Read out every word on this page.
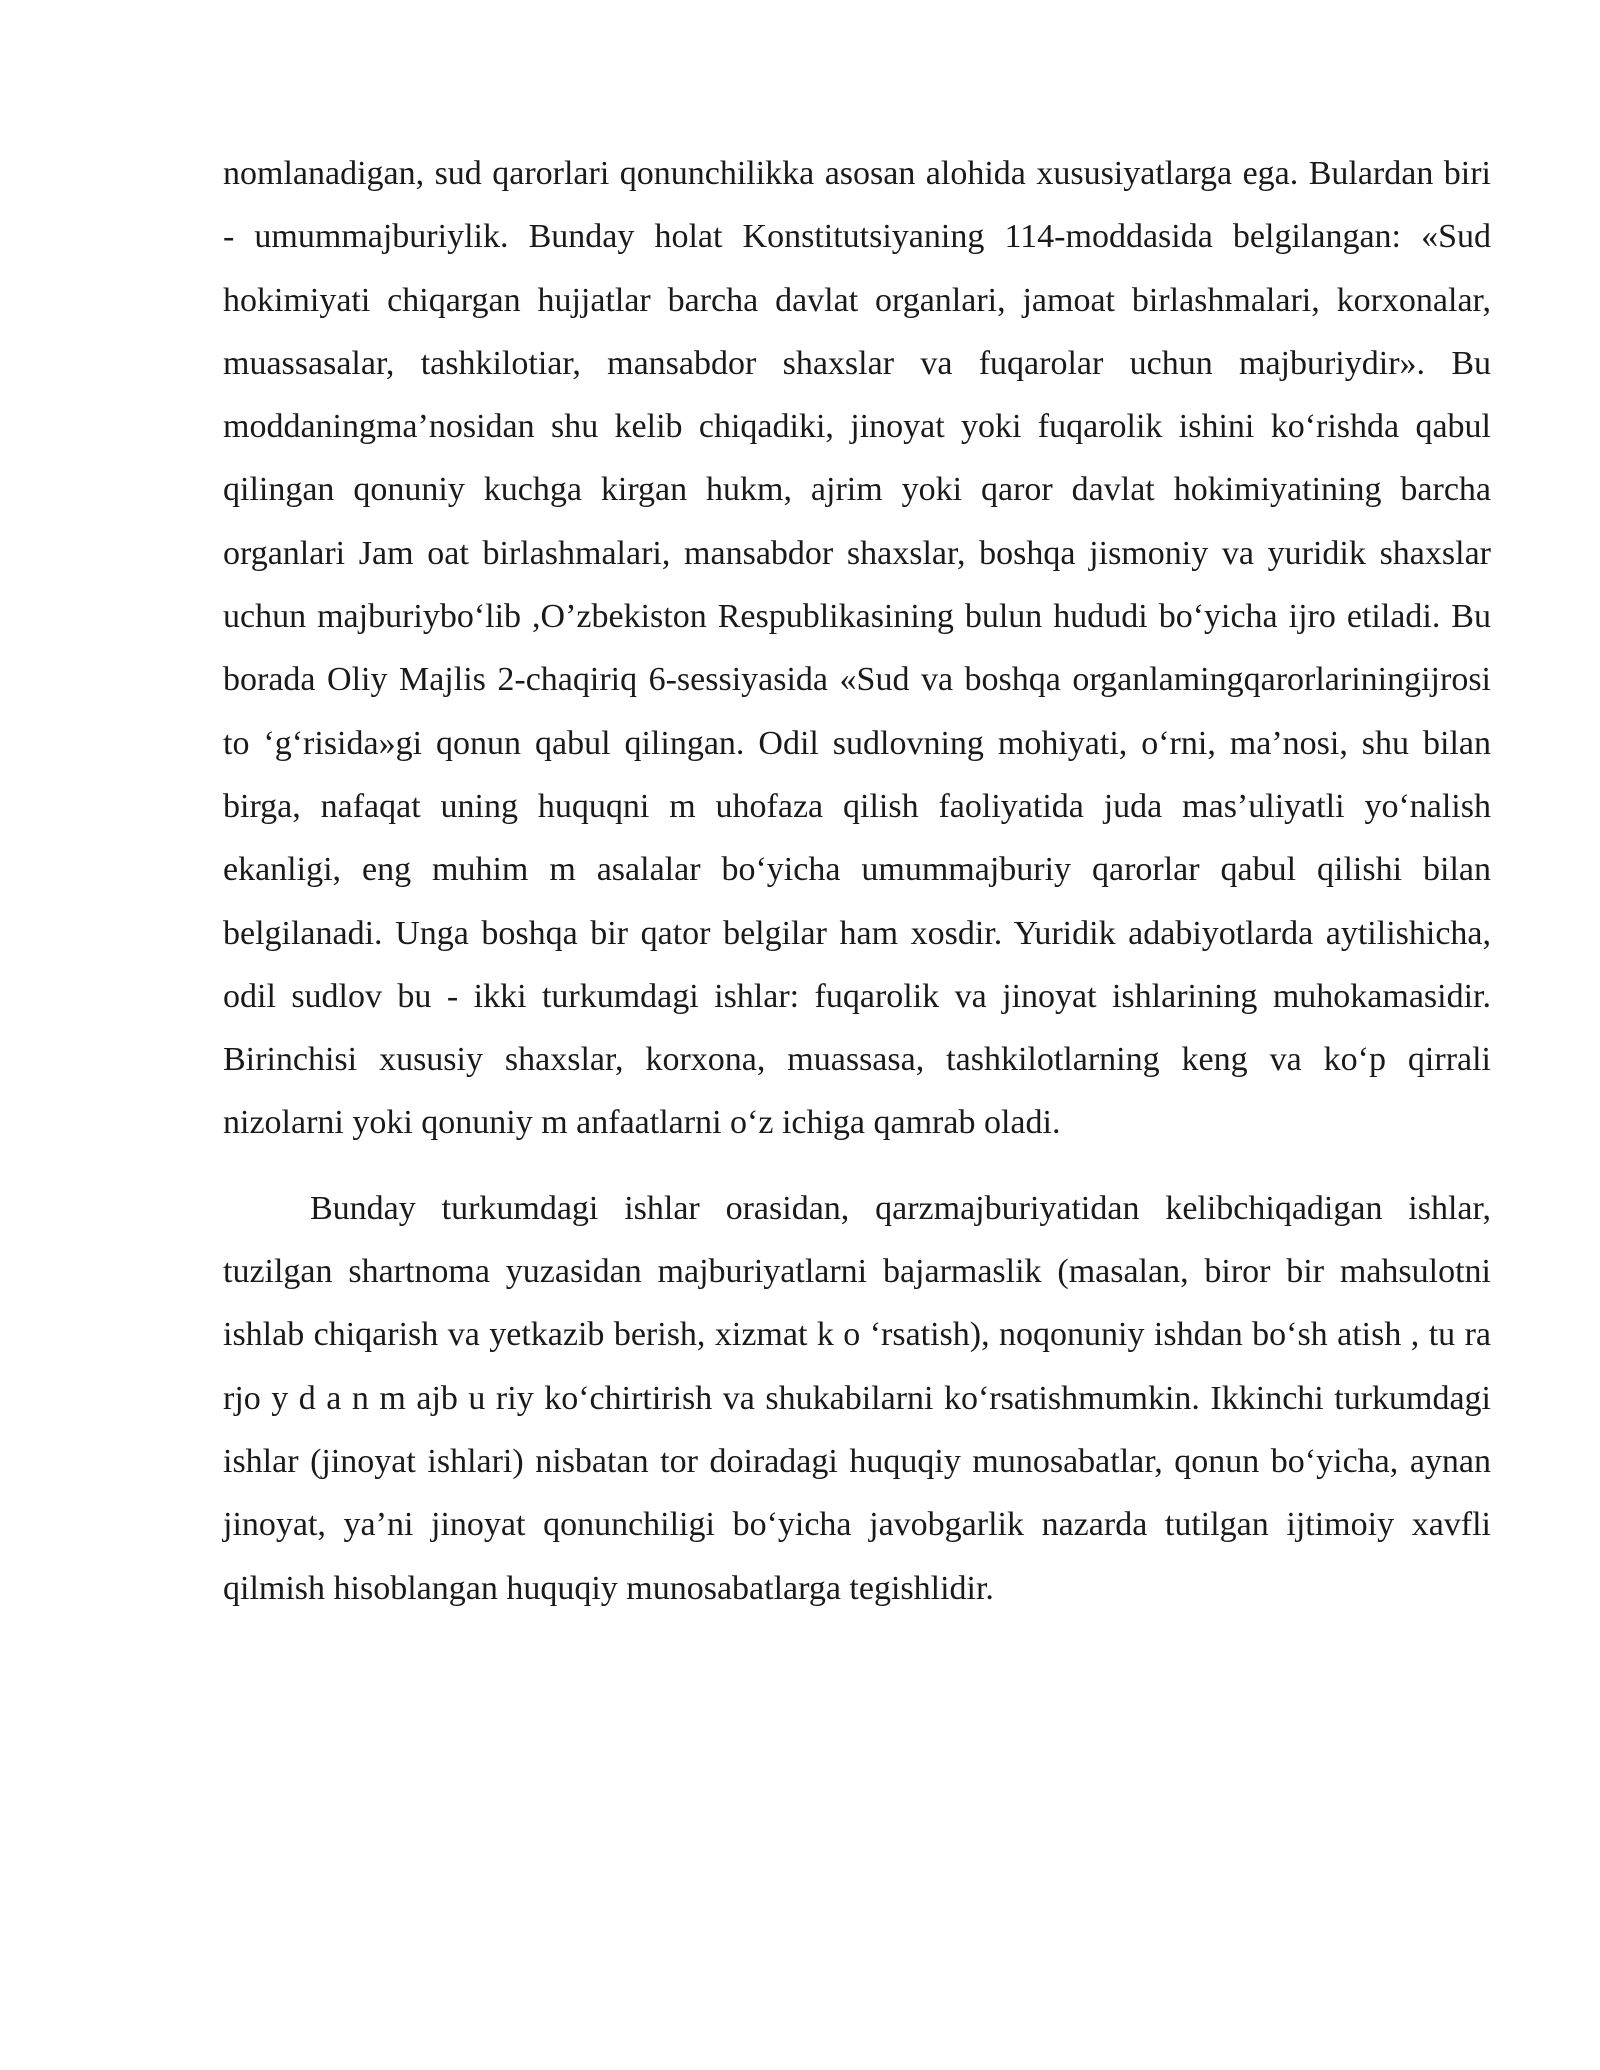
nomlanadigan, sud qarorlari qonunchilikka asosan alohida xususiyatlarga ega. Bulardan biri - umummajburiylik. Bunday holat Konstitutsiyaning 114-moddasida belgilangan: «Sud hokimiyati chiqargan hujjatlar barcha davlat organlari, jamoat birlashmalari, korxonalar, muassasalar, tashkilotiar, mansabdor shaxslar va fuqarolar uchun majburiydir». Bu moddaningma’nosidan shu kelib chiqadiki, jinoyat yoki fuqarolik ishini ko‘rishda qabul qilingan qonuniy kuchga kirgan hukm, ajrim yoki qaror davlat hokimiyatining barcha organlari Jam oat birlashmalari, mansabdor shaxslar, boshqa jismoniy va yuridik shaxslar uchun majburiybo‘lib ,O’zbekiston Respublikasining bulun hududi bo‘yicha ijro etiladi. Bu borada Oliy Majlis 2-chaqiriq 6-sessiyasida «Sud va boshqa organlamingqarorlariningijrosi to ‘g‘risida»gi qonun qabul qilingan. Odil sudlovning mohiyati, o‘rni, ma’nosi, shu bilan birga, nafaqat uning huquqni m uhofaza qilish faoliyatida juda mas’uliyatli yo‘nalish ekanligi, eng muhim m asalalar bo‘yicha umummajburiy qarorlar qabul qilishi bilan belgilanadi. Unga boshqa bir qator belgilar ham xosdir. Yuridik adabiyotlarda aytilishicha, odil sudlov bu - ikki turkumdagi ishlar: fuqarolik va jinoyat ishlarining muhokamasidir. Birinchisi xususiy shaxslar, korxona, muassasa, tashkilotlarning keng va ko‘p qirrali nizolarni yoki qonuniy m anfaatlarni o‘z ichiga qamrab oladi.

Bunday turkumdagi ishlar orasidan, qarzmajburiyatidan kelibchiqadigan ishlar, tuzilgan shartnoma yuzasidan majburiyatlarni bajarmaslik (masalan, biror bir mahsulotni ishlab chiqarish va yetkazib berish, xizmat k o ‘rsatish), noqonuniy ishdan bo‘sh atish , tu ra rjo y d a n m ajb u riy ko‘chirtirish va shukabilarni ko‘rsatishmumkin. Ikkinchi turkumdagi ishlar (jinoyat ishlari) nisbatan tor doiradagi huquqiy munosabatlar, qonun bo‘yicha, aynan jinoyat, ya’ni jinoyat qonunchiligi bo‘yicha javobgarlik nazarda tutilgan ijtimoiy xavfli qilmish hisoblangan huquqiy munosabatlarga tegishlidir.
